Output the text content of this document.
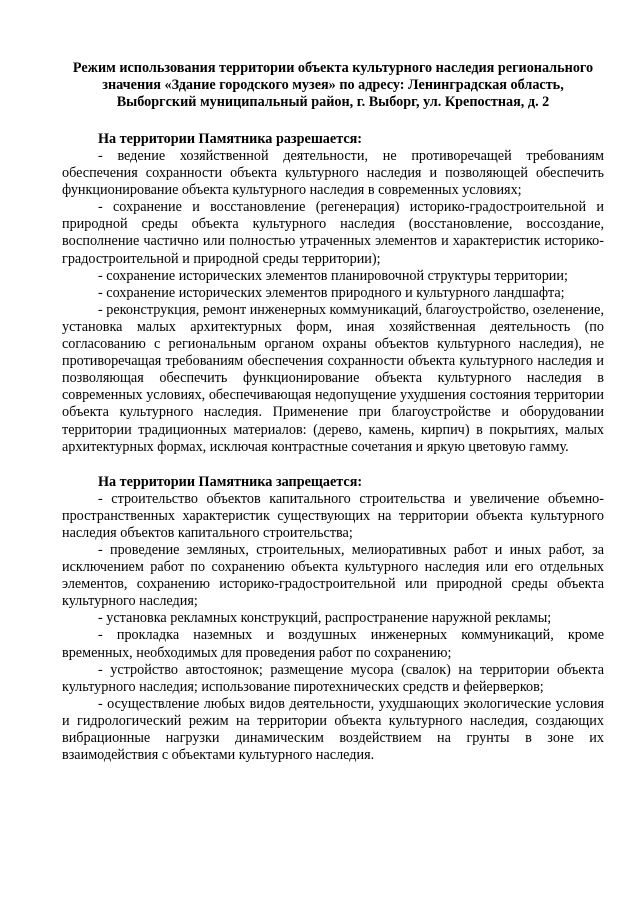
Режим использования территории объекта культурного наследия регионального значения «Здание городского музея» по адресу: Ленинградская область, Выборгский муниципальный район, г. Выборг, ул. Крепостная, д. 2

На территории Памятника разрешается:

- ведение хозяйственной деятельности, не противоречащей требованиям обеспечения сохранности объекта культурного наследия и позволяющей обеспечить функционирование объекта культурного наследия в современных условиях;

- сохранение и восстановление (регенерация) историко-градостроительной и природной среды объекта культурного наследия (восстановление, воссоздание, восполнение частично или полностью утраченных элементов и характеристик историко-градостроительной и природной среды территории);

- сохранение исторических элементов планировочной структуры территории;

- сохранение исторических элементов природного и культурного ландшафта;

- реконструкция, ремонт инженерных коммуникаций, благоустройство, озеленение, установка малых архитектурных форм, иная хозяйственная деятельность (по согласованию с региональным органом охраны объектов культурного наследия), не противоречащая требованиям обеспечения сохранности объекта культурного наследия и позволяющая обеспечить функционирование объекта культурного наследия в современных условиях, обеспечивающая недопущение ухудшения состояния территории объекта культурного наследия. Применение при благоустройстве и оборудовании территории традиционных материалов: (дерево, камень, кирпич) в покрытиях, малых архитектурных формах, исключая контрастные сочетания и яркую цветовую гамму.

На территории Памятника запрещается:

- строительство объектов капитального строительства и увеличение объемно-пространственных характеристик существующих на территории объекта культурного наследия объектов капитального строительства;

- проведение земляных, строительных, мелиоративных работ и иных работ, за исключением работ по сохранению объекта культурного наследия или его отдельных элементов, сохранению историко-градостроительной или природной среды объекта культурного наследия;

- установка рекламных конструкций, распространение наружной рекламы;

- прокладка наземных и воздушных инженерных коммуникаций, кроме временных, необходимых для проведения работ по сохранению;

- устройство автостоянок; размещение мусора (свалок) на территории объекта культурного наследия; использование пиротехнических средств и фейерверков;

- осуществление любых видов деятельности, ухудшающих экологические условия и гидрологический режим на территории объекта культурного наследия, создающих вибрационные нагрузки динамическим воздействием на грунты в зоне их взаимодействия с объектами культурного наследия.
